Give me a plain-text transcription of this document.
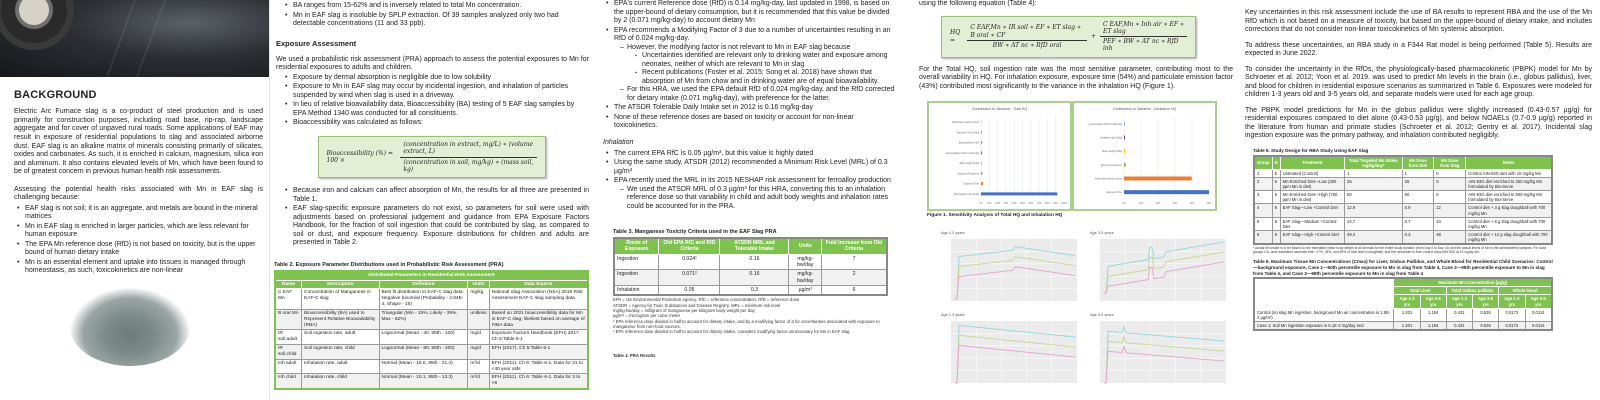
BACKGROUND

Electric Arc Furnace slag is a co-product of steel production and is used primarily for construction purposes, including road base, rip-rap, landscape aggregate and for cover of unpaved rural roads. Some applications of EAF may result in exposure of residential populations to slag and associated airborne dust. EAF slag is an alkaline matrix of minerals consisting primarily of silicates, oxides and carbonates. As such, it is enriched in calcium, magnesium, silica iron and aluminum. It also contains elevated levels of Mn, which have been found to be of greatest concern in previous human health risk assessments.

Assessing the potential health risks associated with Mn in EAF slag is challenging because:

• EAF slag is not soil; it is an aggregate, and metals are bound in the mineral matrices
• Mn in EAF slag is enriched in larger particles, which are less relevant for human exposure
• The EPA Mn reference dose (RfD) is not based on toxicity, but is the upper bound of human dietary intake
• Mn is an essential element and uptake into tissues is managed through homeostasis, as such, toxicokinetics are non-linear
• BA ranges from 15-62% and is inversely related to total Mn concentration.
• Mn in EAF slag is insoluble by SPLP extraction. Of 39 samples analyzed only two had detectable concentrations (11 and 33 ppb).
Exposure Assessment

We used a probabilistic risk assessment (PRA) approach to assess the potential exposures to Mn for residential exposures to adults and children.

• Exposure by dermal absorption is negligible due to low solubility
• Exposure to Mn in EAF slag may occur by incidental ingestion, and inhalation of particles suspended by wind when slag is used in a driveway.
• In lieu of relative bioavailability data, Bioaccessibility (BA) testing of 5 EAF slag samples by EPA Method 1340 was conducted for all constituents.
• Bioaccessibility was calculated as follows:
Bioaccessibility (%) = 100 ×	$\frac{\text{(concentration in extract, mg/L) ∗ (volume extract, L)}}{\text{(concentration in soil, mg/kg) ∗ (mass soil, kg)}}$
• Because iron and calcium can affect absorption of Mn, the results for all three are presented in Table 1.
• EAF slag-specific exposure parameters do not exist, so parameters for soil were used with adjustments based on professional judgement and guidance from EPA Exposure Factors Handbook, for the fraction of soil ingestion that could be contributed by slag, as compared to soil or dust, and exposure frequency. Exposure distributions for children and adults are presented in Table 2.
Table 2. Exposure Parameter Distributions used in Probabilistic Risk Assessment (PRA)
Distributed Parameters in Residential Risk Assessment				
Name	Description	Definition	Units	Data Source
C EAF Mn	Concentration of Manganese in EAF-C slag	Best fit distribution to EAF-C slag data: Negative binomial (Probability - 4.84E-4, Shape - 16)	mg/kg	National Slag Association (NSA) 2019 Risk Assessment EAF-C slag sampling data
B oral Mn	Bioaccessibility (BA) used to Represent Relative Bioavailability (RBA)	Triangular (Min - 15%, Likely - 39%, Max - 62%)	unitless	Based on 2021 bioaccessibility data for Mn in EAF-C slag; likeliest based on average of IVBA data
IR soil,adult	Soil ingestion rate, adult	Lognormal (Mean - 30, 95th - 100)	mg/d	Exposure Factors Handbook (EFH) 2017. Ch 5:Table 5-1
IR soil,child	Soil ingestion rate, child	Lognormal (Mean - 80, 95th - 200)	mg/d	EFH (2017). Ch 5:Table 5-1
Inh adult	Inhalation rate, adult	Normal (Mean - 16.0, 95th - 21.4)	m³/d	EFH (2011). Ch 6: Table 6-1. Data for 31 to <40 year olds
Inh child	Inhalation rate, child	Normal (Mean - 10.1, 95th - 13.3)	m³/d	EFH (2011). Ch 6: Table 6-1. Data for 3 to <6
• EPA's current Reference dose (RfD) is 0.14 mg/kg-day, last updated in 1998, is based on the upper-bound of dietary consumption, but it is recommended that this value be divided by 2 (0.071 mg/kg-day) to account dietary Mn
• EPA recommends a Modifying Factor of 3 due to a number of uncertainties resulting in an RfD of 0.024 mg/kg-day.
– However, the modifying factor is not relevant to Mn in EAF slag because
▪ Uncertainties identified are relevant only to drinking water and exposure among neonates, neither of which are relevant to Mn in slag
▪ Recent publications (Foster et al. 2015; Song et al. 2018) have shown that absorption of Mn from chow and in drinking water are of equal bioavailability.
– For this HRA, we used the EPA default RfD of 0.024 mg/kg-day, and the RfD corrected for dietary intake (0.071 mg/kg-day), with preference for the latter.
• The ATSDR Tolerable Daily Intake set in 2012 is 0.16 mg/kg-day
• None of these reference doses are based on toxicity or account for non-linear toxicokinetics.
Inhalation
• The current EPA RfC is 0.05 µg/m³, but this value is highly dated
• Using the same study, ATSDR (2012) recommended a Minimum Risk Level (MRL) of 0.3 µg/m³
• EPA recently used the MRL in its 2015 NESHAP risk assessment for ferroalloy production
– We used the ATSDR MRL of 0.3 µg/m³ for this HRA, converting this to an inhalation reference dose so that variability in child and adult body weights and inhalation rates could be accounted for in the PRA.
Table 3. Manganese Toxicity Criteria used in the EAF Slag PRA
Route of Exposure	Old EPA RfC and RfD Criteria	ATSDR MRL and Tolerable Intake	Units	Fold Increase from Old Criteria
Ingestion	0.024¹	0.16	mg/kg-bw/day	7
Ingestion	0.071²	0.16	mg/kg-bw/day	2
Inhalation	0.05	0.3	µg/m³	6
EPA = US Environmental Protection Agency, RfC = reference concentration, RfD = reference dose
ATSDR = Agency for Toxic Substances and Disease Registry, MRL = minimum risk level
mg/kg-bw/day = milligram of manganese per kilogram body weight per day
µg/m³ = microgram per cubic meter
¹ EPA reference dose divided in half to account for dietary intake, and by a modifying factor of 3 for uncertainties associated with exposure to manganese from non-food sources.
² EPA reference dose divided in half to account for dietary intake, considers modifying factor unnecessary for Mn in EAF slag.
Table 4. PRA Results

using the following equation (Table 4):

HQ =	$\frac{\text{C EAF,Mn ∗ IR soil ∗ EF ∗ ET slag ∗ B oral ∗ CF}}{\text{BW ∗ AT nc ∗ RfD oral}} + \frac{\text{C EAF,Mn ∗ Inh air ∗ EF ∗ ET slag}}{\text{PEF ∗ BW ∗ AT nc ∗ RfD inh}}$

For the Total HQ, soil ingestion rate was the most sensitive parameter, contributing most to the overall variability in HQ. For inhalation exposure, exposure time (54%) and particulate emission factor (43%) contributed most significantly to the variance in the inhalation HQ (Figure 1).

Contribution to Variance - Total HQ
0%	10%	20%	30%	40%	50%	60%	70%	80%	90%	100%
Particulate emission factor
Exposure Time (child)
Bioavailability of Mn
Concentration of Mn in EAF slag
Body weight (child)
Exposure Frequency
Exposure Time
Soil ingestion rate (child)
Contribution to Variance - Inhalation HQ
0%	10%	20%	30%	40%	50%
Concentration of Mn in EAF slag
Inhalation rate (child)
Body weight (child)
Exposure Frequency
Particulate emission factor
Exposure Time
Figure 1. Sensitivity Analysis of Total HQ and Inhalation HQ
Age 1-3 years	Age 3-5 years
Age 1-3 years	Age 3-5 years

Key uncertainties in this risk assessment include the use of BA results to represent RBA and the use of the Mn RfD which is not based on a measure of toxicity, but based on the upper-bound of dietary intake, and includes corrections that do not consider non-linear toxicokinetics of Mn systemic absorption.

To address these uncertainties, an RBA study in a F344 Rat model is being performed (Table 5). Results are expected in June 2022.

To consider the uncertainty in the RfDs, the physiologically-based pharmacokinetic (PBPK) model for Mn by Schroeter et al. 2012; Yoon et al. 2019. was used to predict Mn levels in the brain (i.e., globus pallidus), liver, and blood for children in residential exposure scenarios as summarized in Table 6. Exposures were modeled for children 1-3 years old and 3-5 years old, and separate models were used for each age group.

The PBPK model predictions for Mn in the globus pallidus were slightly increased (0.43-0.57 µg/g) for residential exposures compared to diet alone (0.43-0.53 µg/g), and below NOAELs (0.7-0.9 µg/g) reported in the literature from human and primate studies (Schroeter et al. 2012; Gentry et al. 2017). Incidental slag ingestion exposure was the primary pathway, and inhalation contributed negligibly.

Table 5. Study Design for RBA Study Using EAF Slag
Group	N	Treatment	Total Targeted Mn Intake mg/kg/day*	Mn Dose from Diet	Mn Dose from Slag	Notes
1	6	Untreated (Control)	1	1	0	Control AIN-93G diet with 10 mg/kg Mn
2	6	Mn-Enriched Diet—Low (300 ppm Mn in diet)	25	25	0	AIN-93G diet enriched to 250 mg/kg Mn formulated by Bio-Serve
3	6	Mn-Enriched Diet—High (750 ppm Mn in diet)	50	50	0	AIN-93G diet enriched to 500 mg/kg Mn formulated by Bio-Serve
4	8	EAF Slag—Low +Control Diet	12.9	0.9	12	Control diet + 3 g slag doughball with 700 mg/kg Mn
5	8	EAF Slag—Medium +Control Diet	24.7	0.7	24	Control diet + 6 g slag doughball with 700 mg/kg Mn
6	8	EAF Slag—High +Control Diet	48.3	0.3	48	Control diet + 12 g slag doughball with 700 mg/kg Mn
* Actual Mn intake is to be based on the estimated mean body weight of all animals for the entire study duration (from Day 0 to Day 14) and the actual levels of Mn in the administered samples. For dose groups 4-6, dose estimated assumes that ~17%, 34%, and 69% of total feed is doughball, and the remainder is from control chow AIN-93G at 10 mg/kg Mn.
Table 6. Maximum Tissue Mn Concentrations (Cmax) for Liver, Globus Pallidus, and Whole Blood for Residential Child Scenarios: Control—background exposure, Case 1—50th percentile exposure to Mn in slag from Table 4, Case 2—95th percentile exposure to Mn in slag from Table 4, and Case 3—99th percentile exposure to Mn in slag from Table 4
	Maximum Mn Concentration (µg/g)					
	Total Liver		Total Globus pallidus		Whole blood	
	Age 1-3 yrs	Age 3-5 yrs	Age 1-3 yrs	Age 3-5 yrs	Age 1-3 yrs	Age 3-5 yrs
Control (no slag Mn ingestion, background Mn air concentration is 1.5E-2 µg/m³)	1.201	1.184	0.431	0.535	0.0172	0.0114
Case 1: Soil Mn ingestion exposure is 5.1E-3 mg/day and	1.201	1.184	0.431	0.535	0.0172	0.0114
